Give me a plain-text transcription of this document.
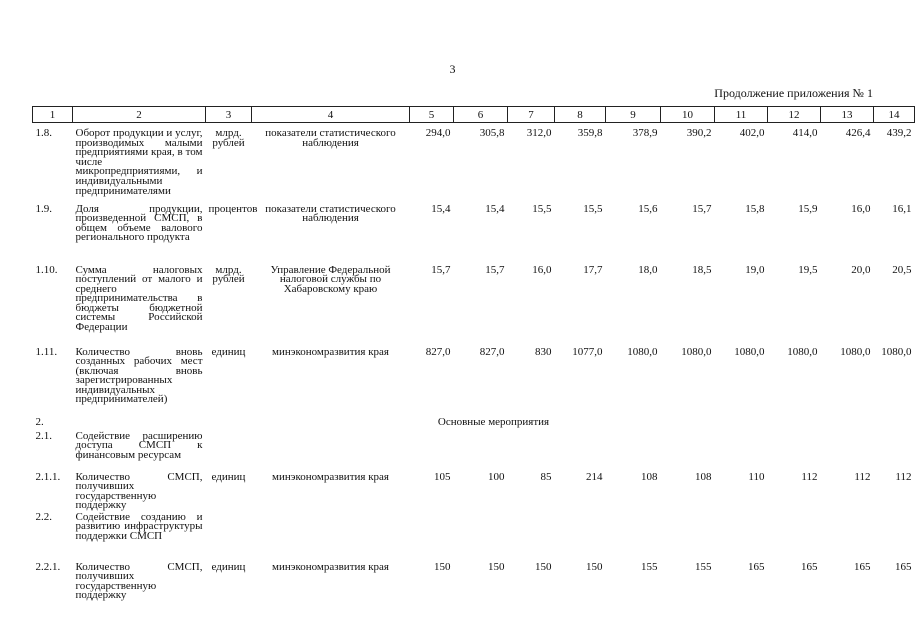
3
Продолжение приложения № 1
1	2	3	4	5	6	7	8	9	10	11	12	13	14
1.8.	Оборот продукции и услуг, производимых малыми предприятиями края, в том числе микропредприятиями, и индивидуальными предпринимателями	млрд. рублей	показатели статистического наблюдения	294,0	305,8	312,0	359,8	378,9	390,2	402,0	414,0	426,4	439,2
1.9.	Доля продукции, произведенной СМСП, в общем объеме валового регионального продукта	процентов	показатели статистического наблюдения	15,4	15,4	15,5	15,5	15,6	15,7	15,8	15,9	16,0	16,1
1.10.	Сумма налоговых поступлений от малого и среднего предпринимательства в бюджеты бюджетной системы Российской Федерации	млрд. рублей	Управление Федеральной налоговой службы по Хабаровскому краю	15,7	15,7	16,0	17,7	18,0	18,5	19,0	19,5	20,0	20,5
1.11.	Количество вновь созданных рабочих мест (включая вновь зарегистрированных индивидуальных предпринимателей)	единиц	минэкономразвития края	827,0	827,0	830	1077,0	1080,0	1080,0	1080,0	1080,0	1080,0	1080,0
2.	Основные мероприятия												
2.1.	Содействие расширению доступа СМСП к финансовым ресурсам												
2.1.1.	Количество СМСП, получивших государственную поддержку	единиц	минэкономразвития края	105	100	85	214	108	108	110	112	112	112
2.2.	Содействие созданию и развитию инфраструктуры поддержки СМСП												
2.2.1.	Количество СМСП, получивших государственную поддержку	единиц	минэкономразвития края	150	150	150	150	155	155	165	165	165	165
